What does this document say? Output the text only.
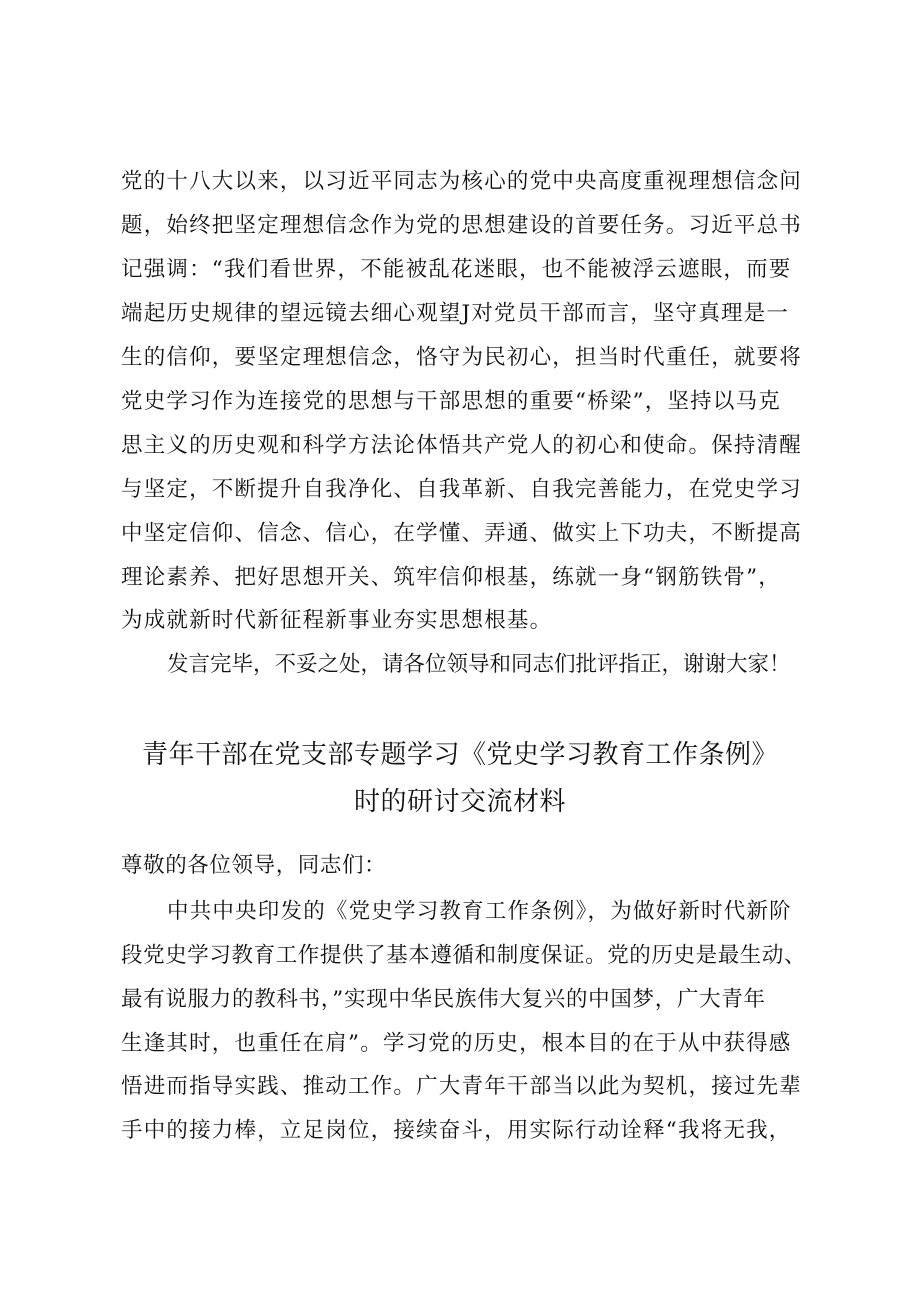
党的十八大以来，以习近平同志为核心的党中央高度重视理想信念问
题，始终把坚定理想信念作为党的思想建设的首要任务。习近平总书
记强调：“我们看世界，不能被乱花迷眼，也不能被浮云遮眼，而要
端起历史规律的望远镜去细心观望J对党员干部而言，坚守真理是一
生的信仰，要坚定理想信念，恪守为民初心，担当时代重任，就要将
党史学习作为连接党的思想与干部思想的重要“桥梁”，坚持以马克
思主义的历史观和科学方法论体悟共产党人的初心和使命。保持清醒
与坚定，不断提升自我净化、自我革新、自我完善能力，在党史学习
中坚定信仰、信念、信心，在学懂、弄通、做实上下功夫，不断提高
理论素养、把好思想开关、筑牢信仰根基，练就一身“钢筋铁骨”，
为成就新时代新征程新事业夯实思想根基。
发言完毕，不妥之处，请各位领导和同志们批评指正，谢谢大家！
青年干部在党支部专题学习《党史学习教育工作条例》
时的研讨交流材料
尊敬的各位领导，同志们：
中共中央印发的《党史学习教育工作条例》，为做好新时代新阶
段党史学习教育工作提供了基本遵循和制度保证。党的历史是最生动、
最有说服力的教科书，”实现中华民族伟大复兴的中国梦，广大青年
生逢其时，也重任在肩”。学习党的历史，根本目的在于从中获得感
悟进而指导实践、推动工作。广大青年干部当以此为契机，接过先辈
手中的接力棒，立足岗位，接续奋斗，用实际行动诠释“我将无我，
